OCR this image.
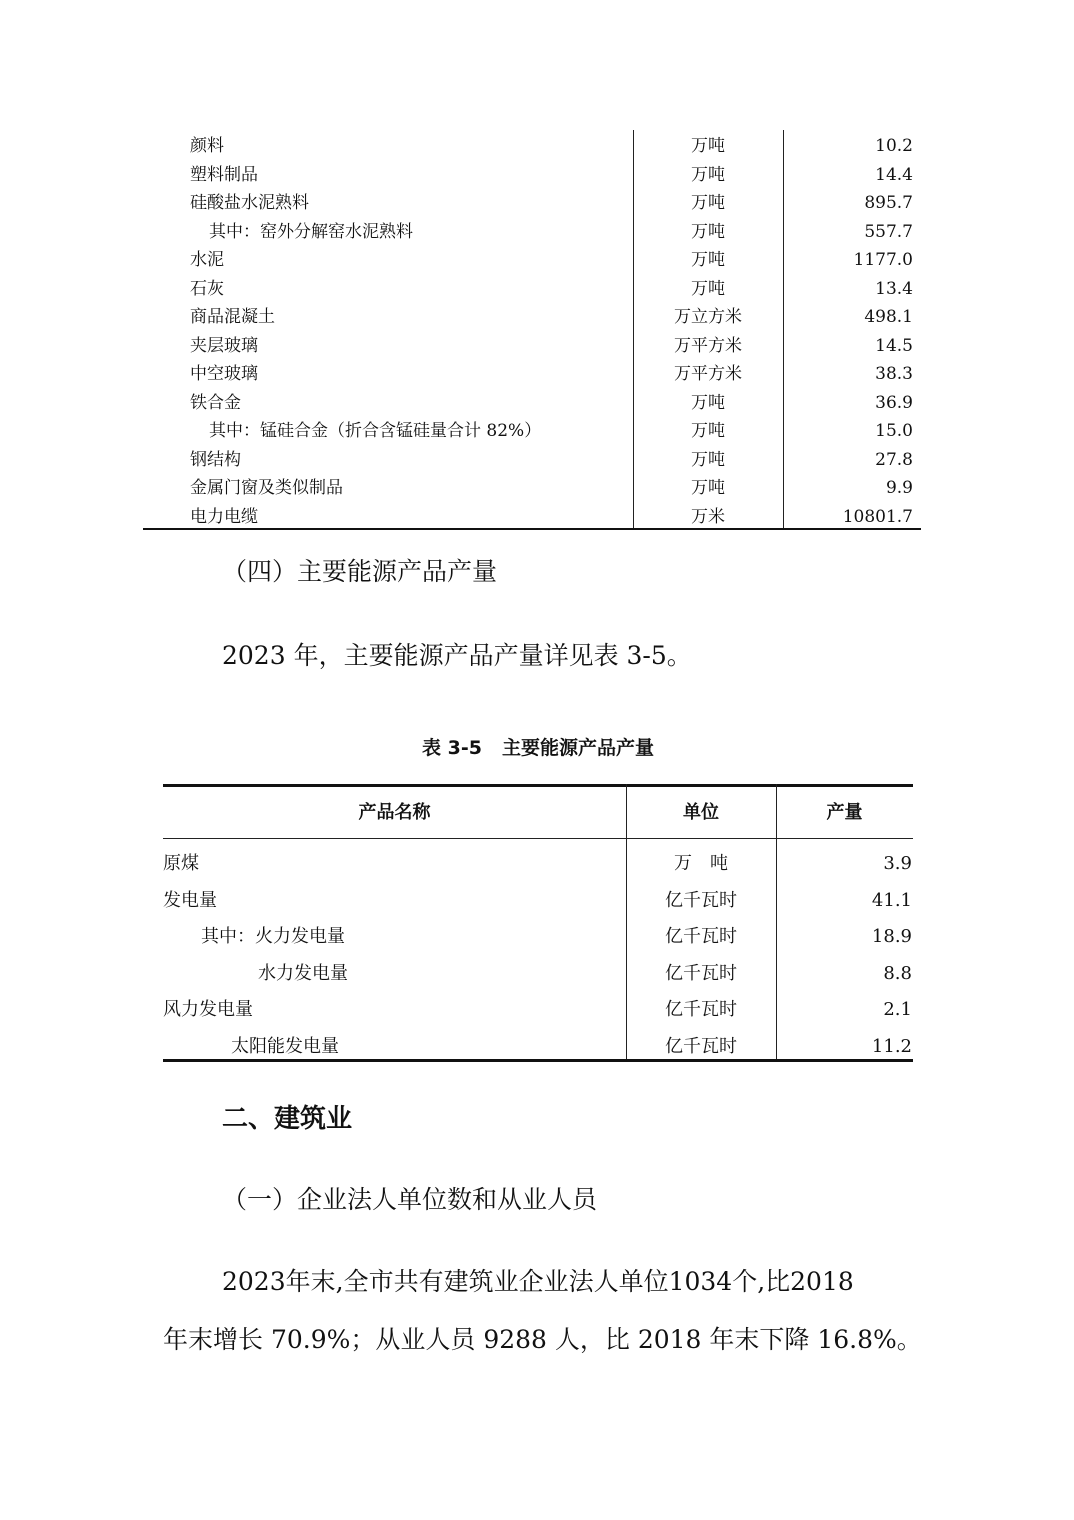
颜料	万吨	10.2
塑料制品	万吨	14.4
硅酸盐水泥熟料	万吨	895.7
其中：窑外分解窑水泥熟料	万吨	557.7
水泥	万吨	1177.0
石灰	万吨	13.4
商品混凝土	万立方米	498.1
夹层玻璃	万平方米	14.5
中空玻璃	万平方米	38.3
铁合金	万吨	36.9
其中：锰硅合金（折合含锰硅量合计 82%）	万吨	15.0
钢结构	万吨	27.8
金属门窗及类似制品	万吨	9.9
电力电缆	万米	10801.7
（四）主要能源产品产量
2023 年，主要能源产品产量详见表 3-5。
表 3-5 主要能源产品产量
产品名称	单位	产量
原煤	万　吨	3.9
发电量	亿千瓦时	41.1
其中：火力发电量	亿千瓦时	18.9
水力发电量	亿千瓦时	8.8
风力发电量	亿千瓦时	2.1
太阳能发电量	亿千瓦时	11.2
二、建筑业
（一）企业法人单位数和从业人员
2023年末,全市共有建筑业企业法人单位1034个,比2018
年末增长 70.9%；从业人员 9288 人，比 2018 年末下降 16.8%。
